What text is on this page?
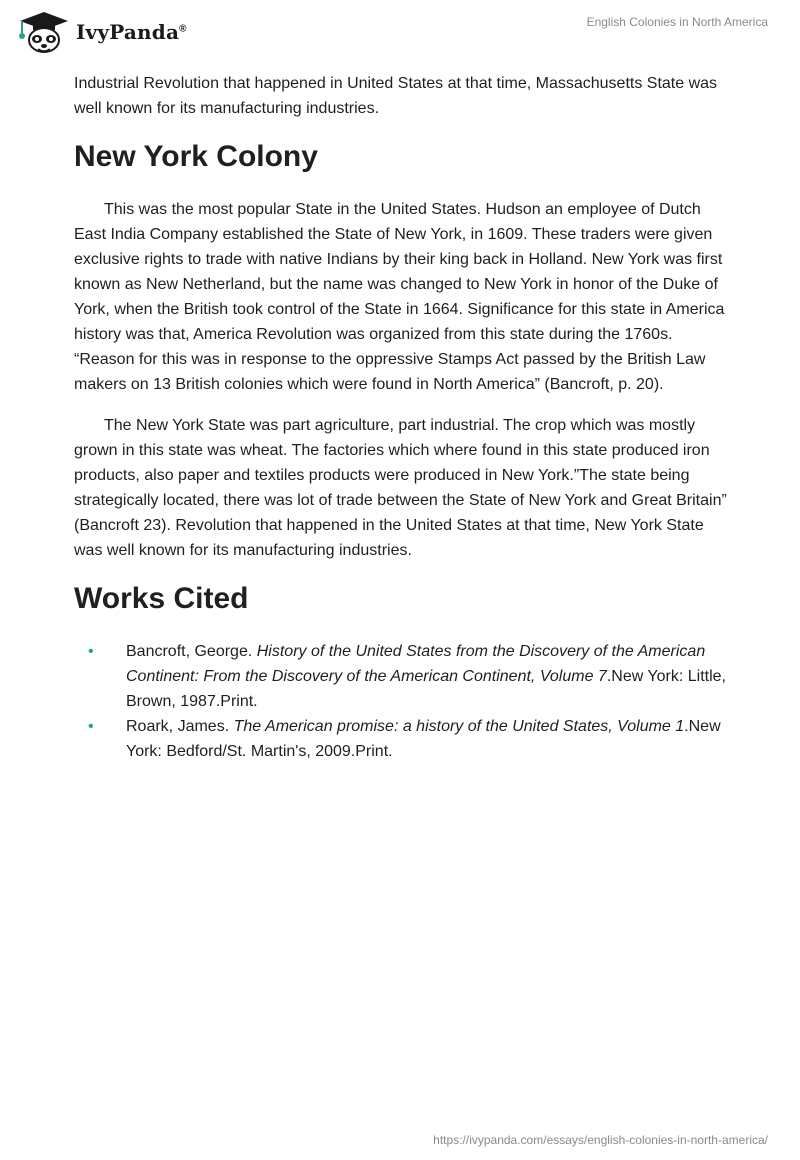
IvyPanda®	English Colonies in North America

Industrial Revolution that happened in United States at that time, Massachusetts State was well known for its manufacturing industries.

New York Colony

This was the most popular State in the United States. Hudson an employee of Dutch East India Company established the State of New York, in 1609. These traders were given exclusive rights to trade with native Indians by their king back in Holland. New York was first known as New Netherland, but the name was changed to New York in honor of the Duke of York, when the British took control of the State in 1664. Significance for this state in America history was that, America Revolution was organized from this state during the 1760s. “Reason for this was in response to the oppressive Stamps Act passed by the British Law makers on 13 British colonies which were found in North America” (Bancroft, p. 20).

The New York State was part agriculture, part industrial. The crop which was mostly grown in this state was wheat. The factories which where found in this state produced iron products, also paper and textiles products were produced in New York.”The state being strategically located, there was lot of trade between the State of New York and Great Britain” (Bancroft 23). Revolution that happened in the United States at that time, New York State was well known for its manufacturing industries.

Works Cited
• Bancroft, George. History of the United States from the Discovery of the American Continent: From the Discovery of the American Continent, Volume 7.New York: Little, Brown, 1987.Print.
• Roark, James. The American promise: a history of the United States, Volume 1.New York: Bedford/St. Martin's, 2009.Print.
https://ivypanda.com/essays/english-colonies-in-north-america/
